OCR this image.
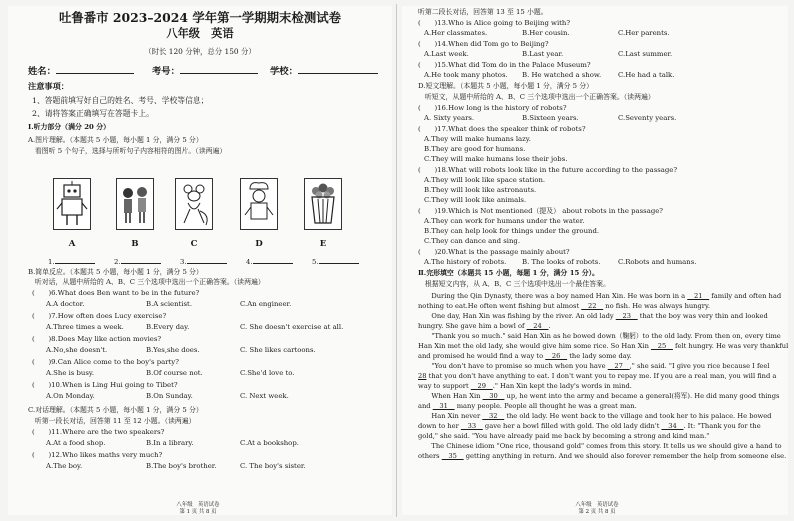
吐鲁番市 2023–2024 学年第一学期期末检测试卷
八年级　英语
（时长 120 分钟，总分 150 分）
姓名：	考号：	学校：
注意事项：
1、答题前填写好自己的姓名、考号、学校等信息；
2、请将答案正确填写在答题卡上。
Ⅰ.听力部分（满分 20 分）
A.图片理解。（本题共 5 小题，每小题 1 分，满分 5 分）
　看图听 5 个句子，选择与所听句子内容相符的图片。（读两遍）
A	B	C	D	E
1.	2.	3.	4.	5.
B.简单反应。（本题共 5 小题，每小题 1 分，满分 5 分）
　听对话，从题中所给的 A、B、C 三个选项中选出一个正确答案。（读两遍）
(　　)6.What does Ben want to be in the future?
A.A doctor.	B.A scientist.	C.An engineer.
(　　)7.How often does Lucy exercise?
A.Three times a week.	B.Every day.	C. She doesn't exercise at all.
(　　)8.Does May like action movies?
A.No,she doesn't.	B.Yes,she does.	C. She likes cartoons.
(　　)9.Can Alice come to the boy's party?
A.She is busy.	B.Of course not.	C.She'd love to.
(　　)10.When is Ling Hui going to Tibet?
A.On Monday.	B.On Sunday.	C. Next week.
C.对话理解。（本题共 5 小题，每小题 1 分，满分 5 分）
　听第一段长对话，回答第 11 至 12 小题。（读两遍）
(　　)11.Where are the two speakers?
A.At a food shop.	B.In a library.	C.At a bookshop.
(　　)12.Who likes maths very much?
A.The boy.	B.The boy's brother.	C. The boy's sister.
八年级　英语试卷
第 1 页 共 8 页
听第二段长对话，回答第 13 至 15 小题。
(　　)13.Who is Alice going to Beijing with?
A.Her classmates.	B.Her cousin.	C.Her parents.
(　　)14.When did Tom go to Beijing?
A.Last week.	B.Last year.	C.Last summer.
(　　)15.What did Tom do in the Palace Museum?
A.He took many photos. B. He watched a show. C.He had a talk.
D.短文理解。（本题共 5 小题，每小题 1 分，满分 5 分）
　听短文，从题中所给的 A、B、C 三个选项中选出一个正确答案。（读两遍）
(　　)16.How long is the history of robots?
A. Sixty years.	B.Sixteen years.	C.Seventy years.
(　　)17.What does the speaker think of robots?
A.They will make humans lazy.
B.They are good for humans.
C.They will make humans lose their jobs.
(　　)18.What will robots look like in the future according to the passage?
A.They will look like space station.
B.They will look like astronauts.
C.They will look like animals.
(　　)19.Which is Not mentioned（提及） about robots in the passage?
A.They can work for humans under the water.
B.They can help look for things under the ground.
C.They can dance and sing.
(　　)20.What is the passage mainly about?
A.The history of robots. B. The looks of robots.	C.Robots and humans.
Ⅱ.完形填空（本题共 15 小题，每题 1 分，满分 15 分）。
　根据短文内容，从 A、B、C 三个选项中选出一个最佳答案。
　　During the Qin Dynasty, there was a boy named Han Xin. He was born in a 　21　 family and often had
nothing to eat.He often went fishing but almost 　22　 no fish. He was always hungry.
　　One day, Han Xin was fishing by the river. An old lady 　23　 that the boy was very thin and looked
hungry. She gave him a bowl of 　24　.
　　"Thank you so much." said Han Xin as he bowed down（鞠躬）to the old lady. From then on, every time
Han Xin met the old lady, she would give him some rice. So Han Xin 　25　 felt hungry. He was very thankful
and promised he would find a way to 　26　 the lady some day.
　　"You don't have to promise so much when you have 　27　," she said. "I give you rice because I feel
28 that you don't have anything to eat. I don't want you to repay me. If you are a real man, you will find a
way to support 　29　." Han Xin kept the lady's words in mind.
　　When Han Xin 　30　 up, he went into the army and became a general(将军). He did many good things
and 　31　 many people. People all thought he was a great man.
　　Han Xin never 　32　 the old lady. He went back to the village and took her to his palace. He bowed
down to her 　33　 gave her a bowl filled with gold. The old lady didn't 　34　. It: "Thank you for the
gold," she said. "You have already paid me back by becoming a strong and kind man."
　　The Chinese idiom "One rice, thousand gold" comes from this story. It tells us we should give a hand to
others 　35　 getting anything in return. And we should also forever remember the help from someone else.
八年级　英语试卷
第 2 页 共 8 页
